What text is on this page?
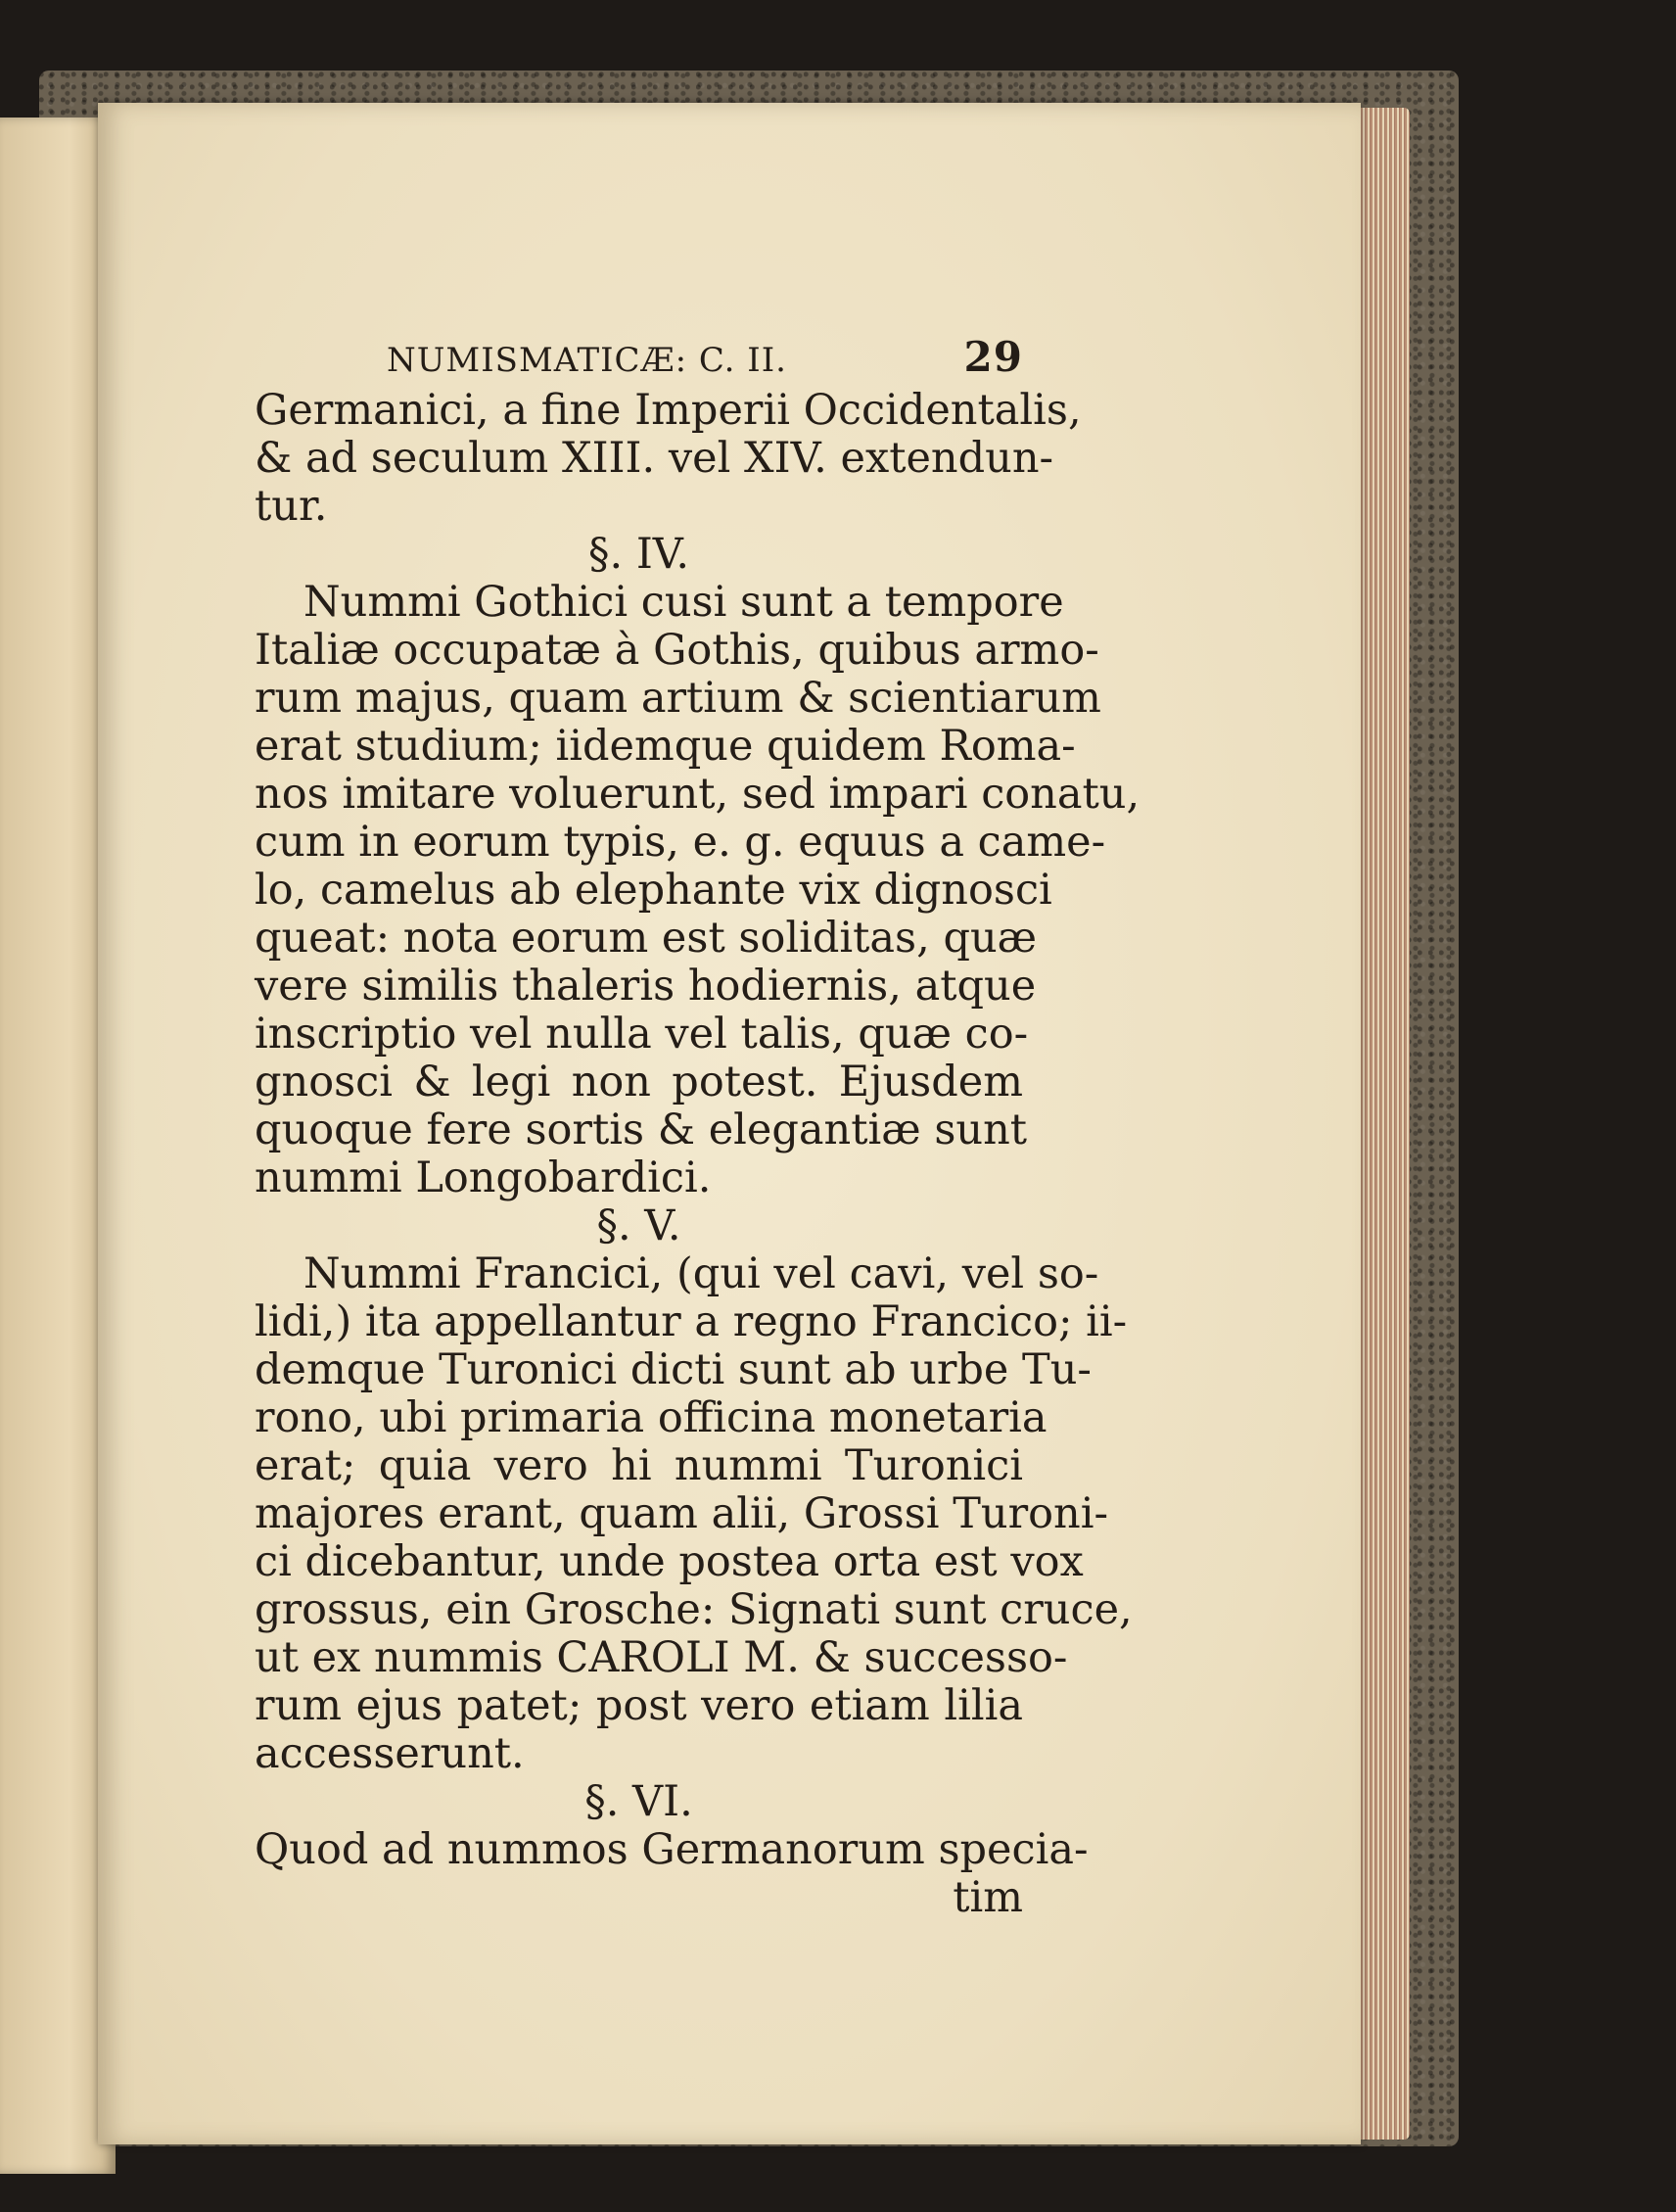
NUMISMATICÆ: C. II.	29
Germanici, a fine Imperii Occidentalis,
& ad seculum XIII. vel XIV. extendun-
tur.
§. IV.
Nummi Gothici cusi sunt a tempore
Italiæ occupatæ à Gothis, quibus armo-
rum majus, quam artium & scientiarum
erat studium; iidemque quidem Roma-
nos imitare voluerunt, sed impari conatu,
cum in eorum typis, e. g. equus a came-
lo, camelus ab elephante vix dignosci
queat: nota eorum est soliditas, quæ
vere similis thaleris hodiernis, atque
inscriptio vel nulla vel talis, quæ co-
gnosci & legi non potest. Ejusdem
quoque fere sortis & elegantiæ sunt
nummi Longobardici.
§. V.
Nummi Francici, (qui vel cavi, vel so-
lidi,) ita appellantur a regno Francico; ii-
demque Turonici dicti sunt ab urbe Tu-
rono, ubi primaria officina monetaria
erat; quia vero hi nummi Turonici
majores erant, quam alii, Grossi Turoni-
ci dicebantur, unde postea orta est vox
grossus, ein Groschе: Signati sunt cruce,
ut ex nummis CAROLI M. & successo-
rum ejus patet; post vero etiam lilia
accesserunt.
§. VI.
Quod ad nummos Germanorum specia-
tim
